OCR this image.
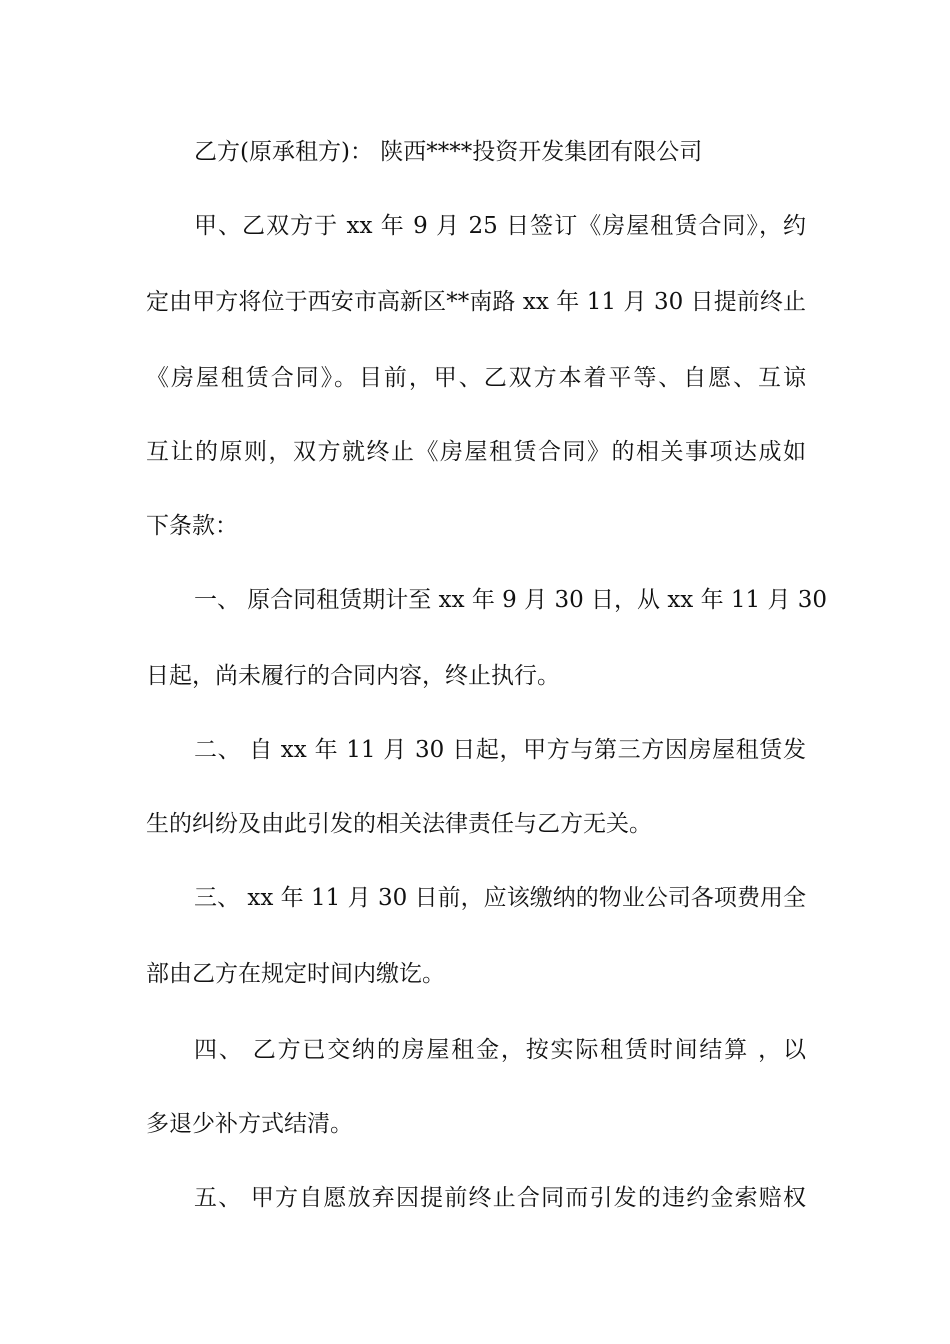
乙方(原承租方)： 陕西****投资开发集团有限公司
甲、乙双方于 xx 年 9 月 25 日签订《房屋租赁合同》，约
定由甲方将位于西安市高新区**南路 xx 年 11 月 30 日提前终止
《房屋租赁合同》。目前，甲、乙双方本着平等、自愿、互谅
互让的原则，双方就终止《房屋租赁合同》的相关事项达成如
下条款：
一、 原合同租赁期计至 xx 年 9 月 30 日，从 xx 年 11 月 30
日起，尚未履行的合同内容，终止执行。
二、 自 xx 年 11 月 30 日起，甲方与第三方因房屋租赁发
生的纠纷及由此引发的相关法律责任与乙方无关。
三、 xx 年 11 月 30 日前，应该缴纳的物业公司各项费用全
部由乙方在规定时间内缴讫。
四、 乙方已交纳的房屋租金，按实际租赁时间结算 ，以
多退少补方式结清。
五、 甲方自愿放弃因提前终止合同而引发的违约金索赔权
